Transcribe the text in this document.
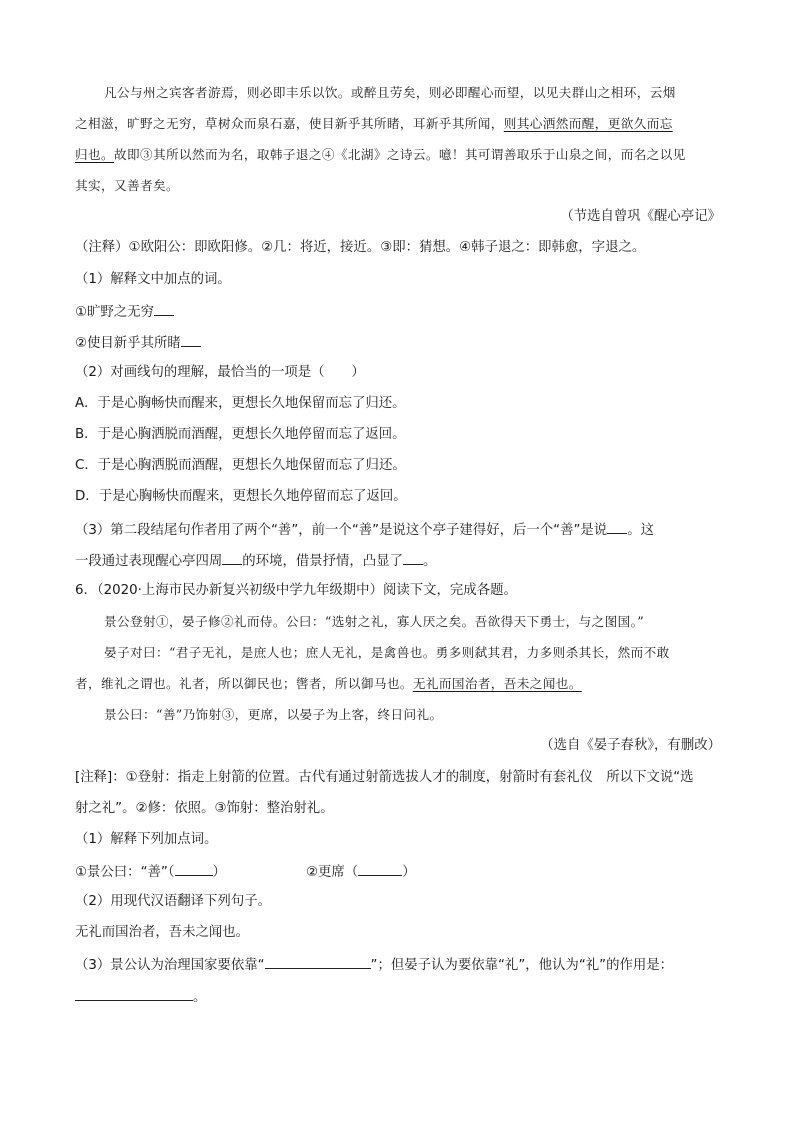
凡公与州之宾客者游焉，则必即丰乐以饮。或醉且劳矣，则必即醒心而望，以见夫群山之相环，云烟
之相滋，旷野之无穷，草树众而泉石嘉，使目新乎其所睹，耳新乎其所闻，则其心洒然而醒，更欲久而忘
归也。故即③其所以然而为名，取韩子退之④《北湖》之诗云。噫！其可谓善取乐于山泉之间，而名之以见
其实，又善者矣。
（节选自曾巩《醒心亭记》
（注释）①欧阳公：即欧阳修。②几：将近，接近。③即：猜想。④韩子退之：即韩愈，字退之。
（1）解释文中加点的词。
①旷野之无穷
②使目新乎其所睹
（2）对画线句的理解，最恰当的一项是（　　）
A．于是心胸畅快而醒来，更想长久地保留而忘了归还。
B．于是心胸洒脱而酒醒，更想长久地停留而忘了返回。
C．于是心胸洒脱而酒醒，更想长久地保留而忘了归还。
D．于是心胸畅快而醒来，更想长久地停留而忘了返回。
（3）第二段结尾句作者用了两个“善”，前一个“善”是说这个亭子建得好，后一个“善”是说 。这
一段通过表现醒心亭四周 的环境，借景抒情，凸显了 。
6．（2020·上海市民办新复兴初级中学九年级期中）阅读下文，完成各题。
景公登射①，晏子修②礼而侍。公曰：“选射之礼，寡人厌之矣。吾欲得天下勇士，与之图国。”
晏子对曰：“君子无礼，是庶人也；庶人无礼，是禽兽也。勇多则弑其君，力多则杀其长，然而不敢
者，维礼之谓也。礼者，所以御民也；辔者，所以御马也。无礼而国治者，吾未之闻也。
景公曰：“善”乃饰射③，更席，以晏子为上客，终日问礼。
（选自《晏子春秋》，有删改）
[注释]：①登射：指走上射箭的位置。古代有通过射箭选拔人才的制度，射箭时有套礼仪　所以下文说“选
射之礼”。②修：依照。③饰射：整治射礼。
（1）解释下列加点词。
①景公曰：“善”（	）	②更席（	）
（2）用现代汉语翻译下列句子。
无礼而国治者，吾未之闻也。
（3）景公认为治理国家要依靠“	”；但晏子认为要依靠“礼”，他认为“礼”的作用是：
。
